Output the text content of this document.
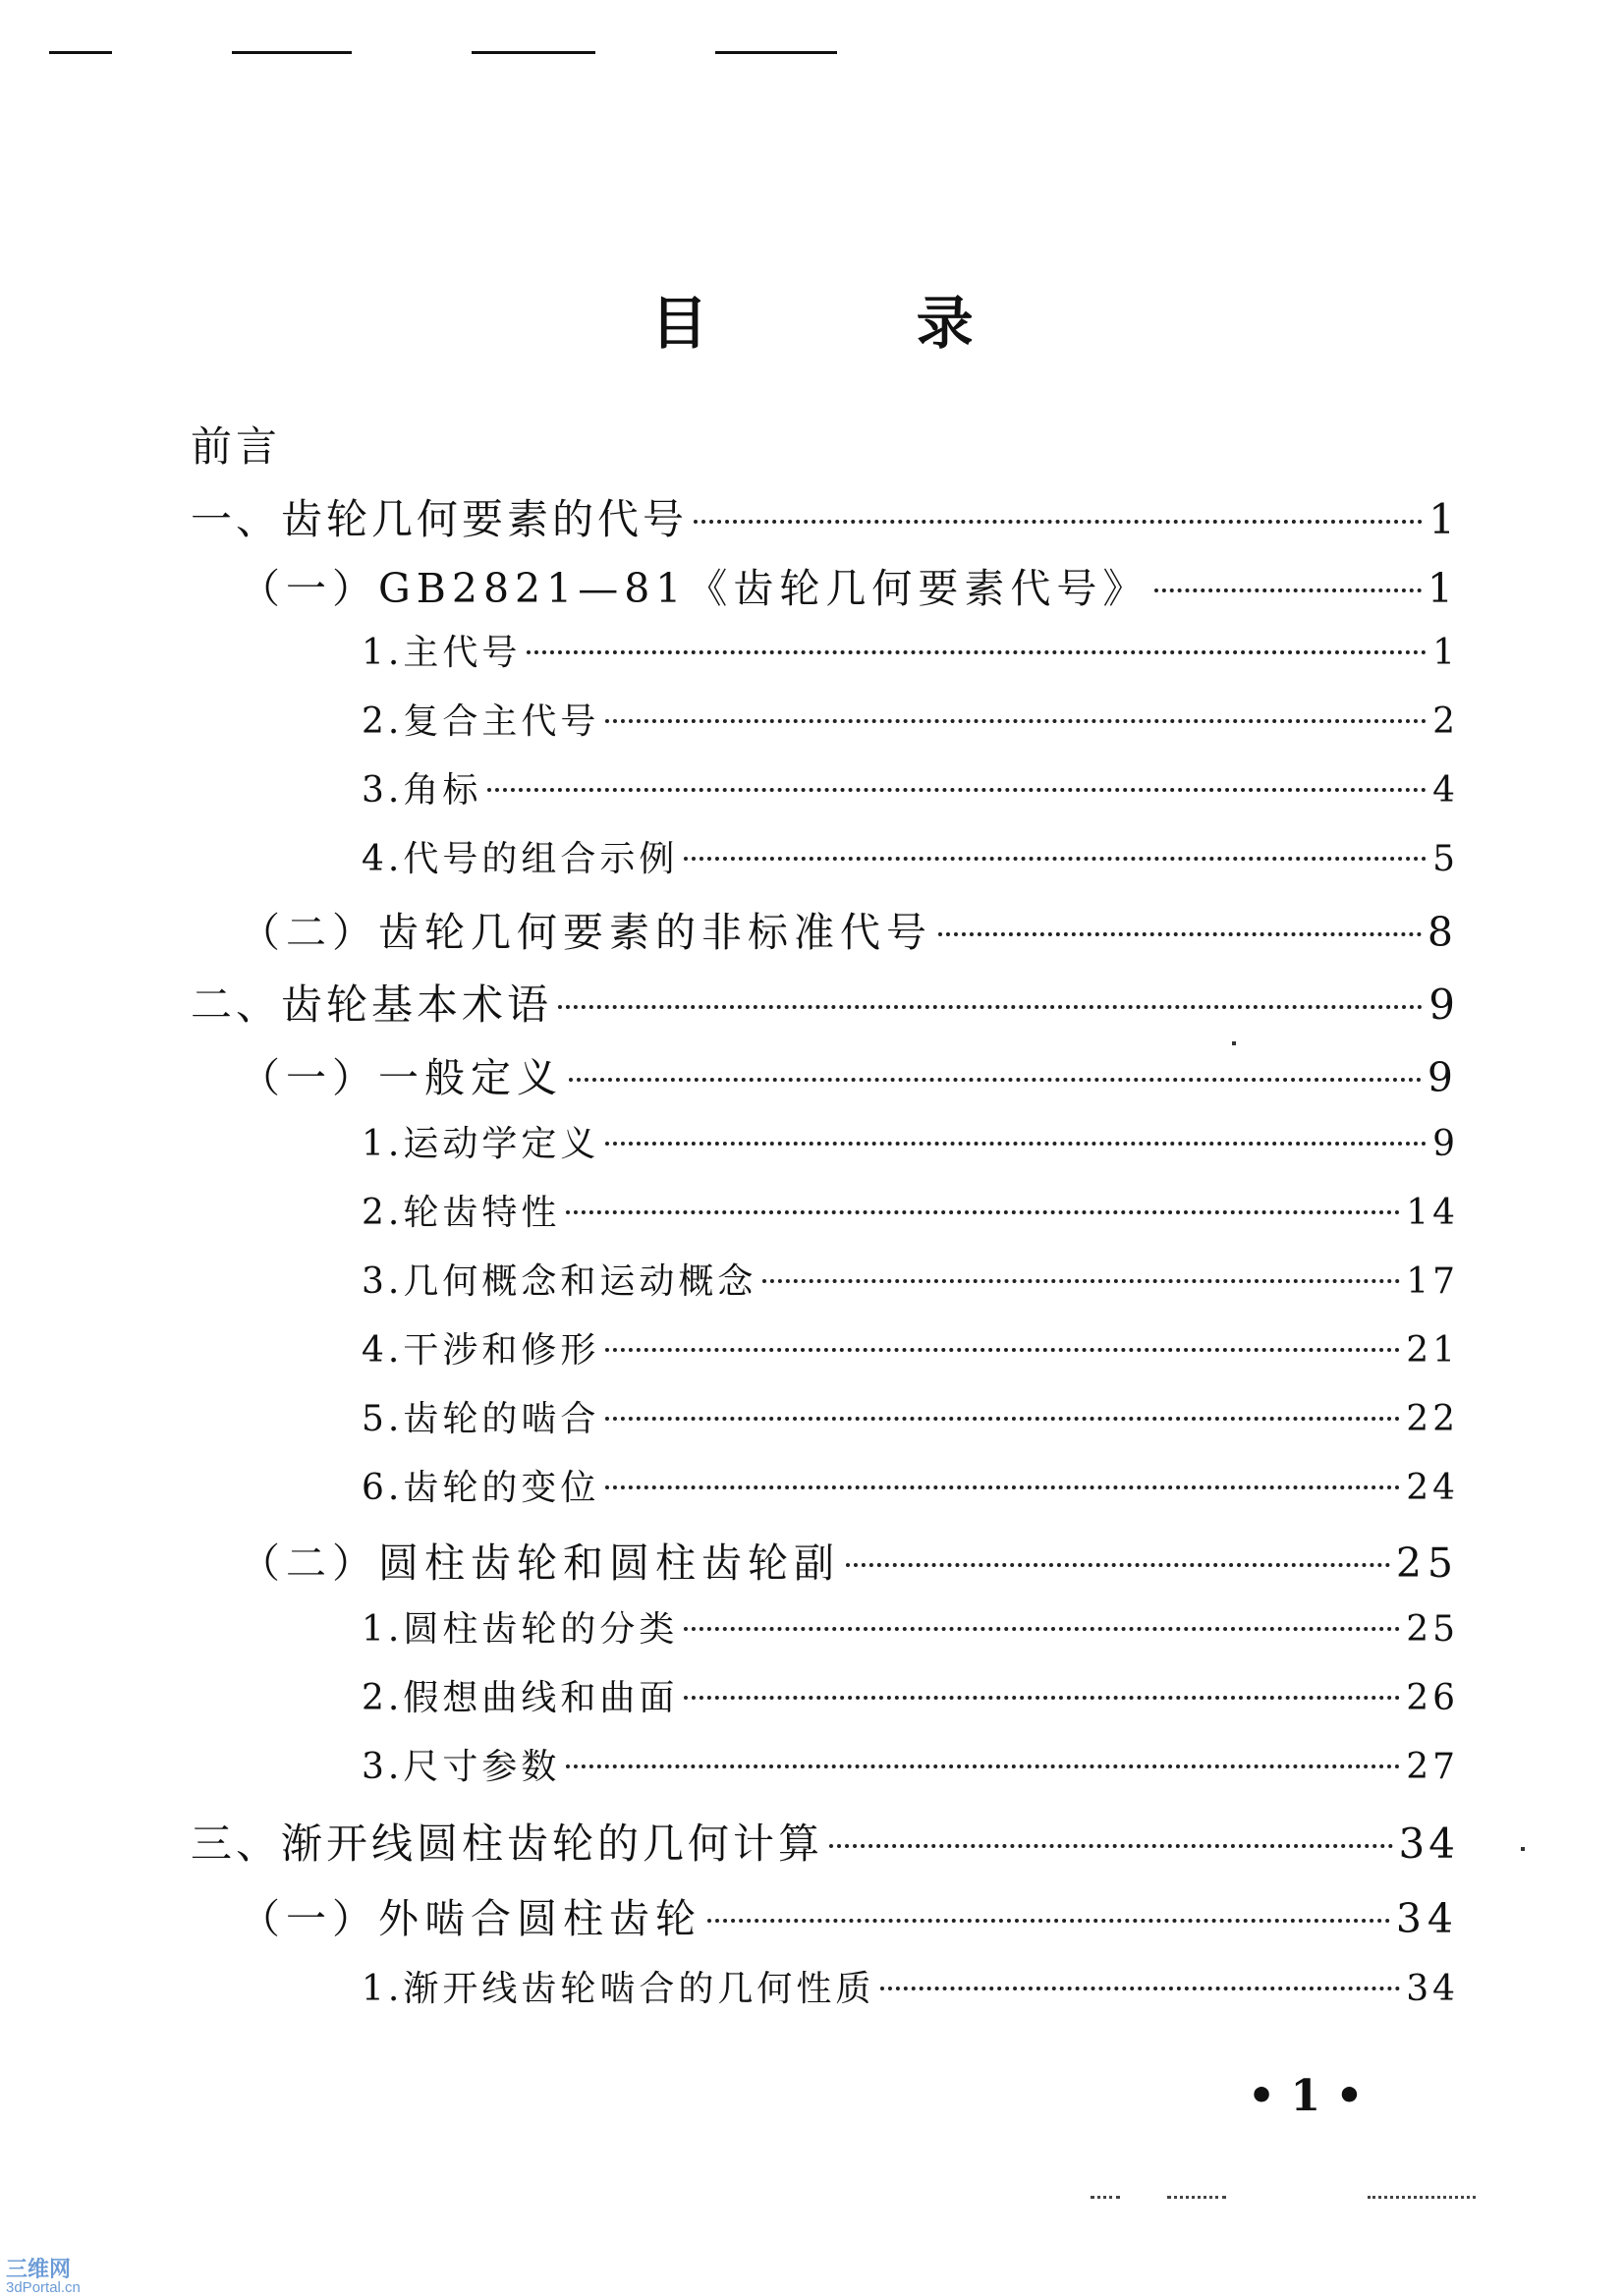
目 录
前言
一、齿轮几何要素的代号	1
（一）GB2821—81《齿轮几何要素代号》	1
1.主代号	1
2.复合主代号	2
3.角标	4
4.代号的组合示例	5
（二）齿轮几何要素的非标准代号	8
二、齿轮基本术语	9
（一）一般定义	9
1.运动学定义	9
2.轮齿特性	14
3.几何概念和运动概念	17
4.干涉和修形	21
5.齿轮的啮合	22
6.齿轮的变位	24
（二）圆柱齿轮和圆柱齿轮副	25
1.圆柱齿轮的分类	25
2.假想曲线和曲面	26
3.尺寸参数	27
三、渐开线圆柱齿轮的几何计算	34
（一）外啮合圆柱齿轮	34
1.渐开线齿轮啮合的几何性质	34
• 1 •
三维网
3dPortal.cn
